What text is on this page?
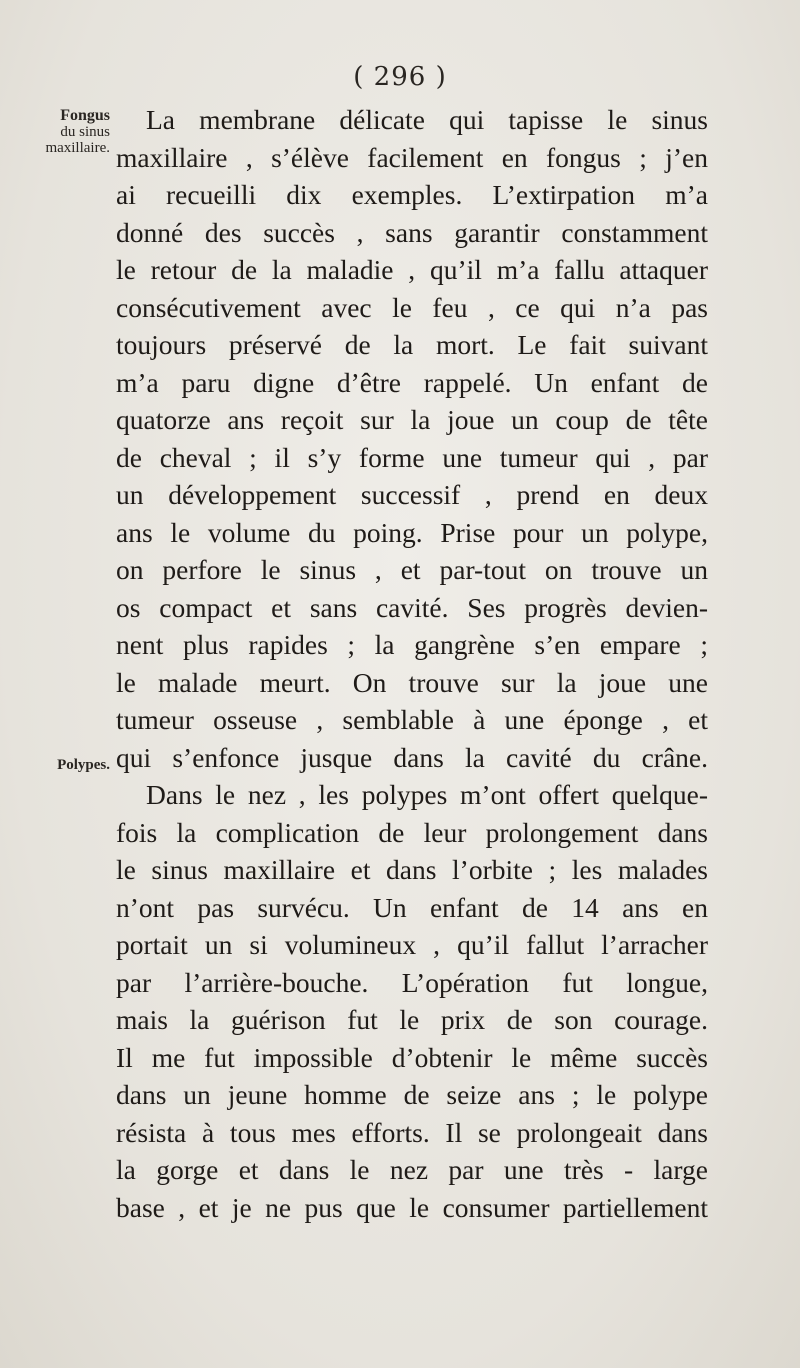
( 296 )
Fongus
du sinus
maxillaire.
Polypes.
La membrane délicate qui tapisse le sinus
maxillaire , s’élève facilement en fongus ; j’en
ai recueilli dix exemples. L’extirpation m’a
donné des succès , sans garantir constamment
le retour de la maladie , qu’il m’a fallu attaquer
consécutivement avec le feu , ce qui n’a pas
toujours préservé de la mort. Le fait suivant
m’a paru digne d’être rappelé. Un enfant de
quatorze ans reçoit sur la joue un coup de tête
de cheval ; il s’y forme une tumeur qui , par
un développement successif , prend en deux
ans le volume du poing. Prise pour un polype,
on perfore le sinus , et par-tout on trouve un
os compact et sans cavité. Ses progrès devien-
nent plus rapides ; la gangrène s’en empare ;
le malade meurt. On trouve sur la joue une
tumeur osseuse , semblable à une éponge , et
qui s’enfonce jusque dans la cavité du crâne.
Dans le nez , les polypes m’ont offert quelque-
fois la complication de leur prolongement dans
le sinus maxillaire et dans l’orbite ; les malades
n’ont pas survécu. Un enfant de 14 ans en
portait un si volumineux , qu’il fallut l’arracher
par l’arrière-bouche. L’opération fut longue,
mais la guérison fut le prix de son courage.
Il me fut impossible d’obtenir le même succès
dans un jeune homme de seize ans ; le polype
résista à tous mes efforts. Il se prolongeait dans
la gorge et dans le nez par une très - large
base , et je ne pus que le consumer partiellement
